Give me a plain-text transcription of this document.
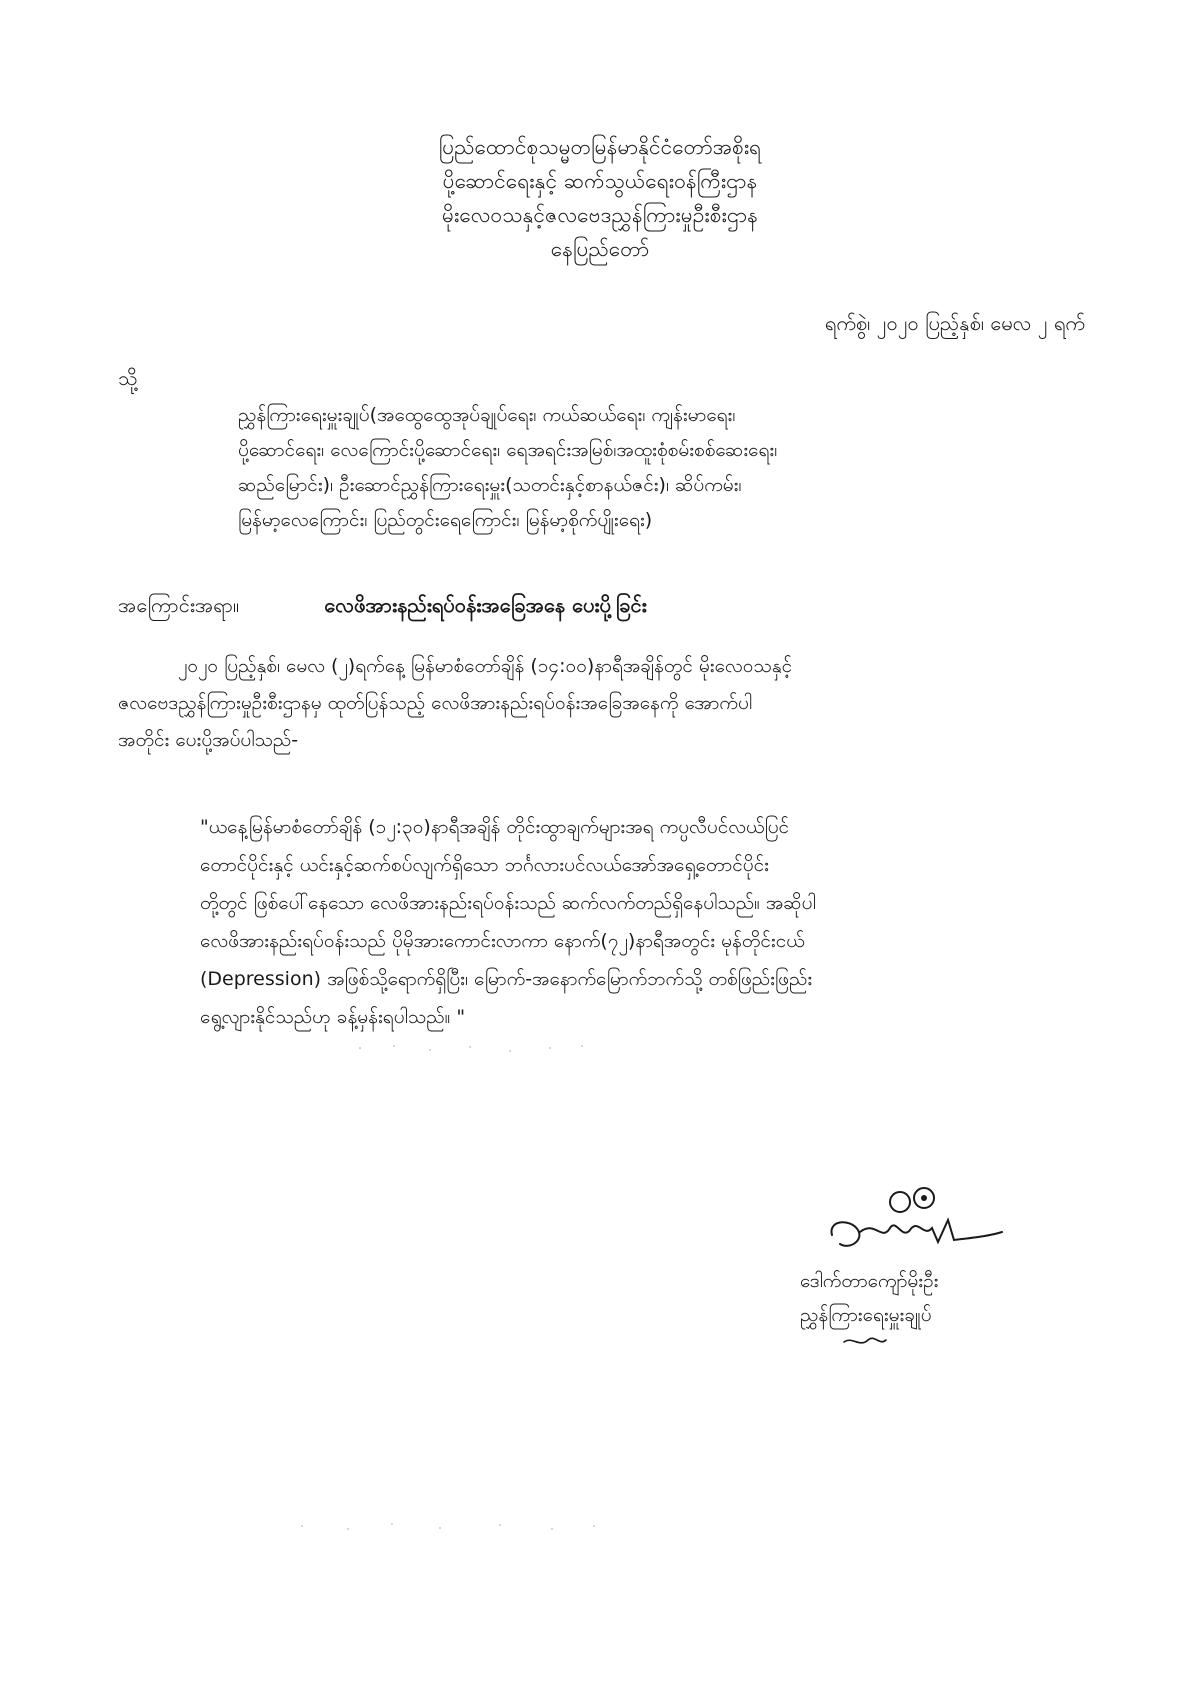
ပြည်ထောင်စုသမ္မတမြန်မာနိုင်ငံတော်အစိုးရ
ပို့ဆောင်ရေးနှင့် ဆက်သွယ်ရေးဝန်ကြီးဌာန
မိုးလေဝသနှင့်ဇလဗေဒညွှန်ကြားမှုဦးစီးဌာန
နေပြည်တော်
ရက်စွဲ၊ ၂၀၂၀ ပြည့်နှစ်၊ မေလ ၂ ရက်
သို့
ညွှန်ကြားရေးမှူးချုပ်(အထွေထွေအုပ်ချုပ်ရေး၊ ကယ်ဆယ်ရေး၊ ကျန်းမာရေး၊
ပို့ဆောင်ရေး၊ လေကြောင်းပို့ဆောင်ရေး၊ ရေအရင်းအမြစ်၊အထူးစုံစမ်းစစ်ဆေးရေး၊
ဆည်မြောင်း)၊ ဦးဆောင်ညွှန်ကြားရေးမှူး(သတင်းနှင့်စာနယ်ဇင်း)၊ ဆိပ်ကမ်း၊
မြန်မာ့လေကြောင်း၊ ပြည်တွင်းရေကြောင်း၊ မြန်မာ့စိုက်ပျိုးရေး)
အကြောင်းအရာ။	လေဖိအားနည်းရပ်ဝန်းအခြေအနေ ပေးပို့ခြင်း
၂၀၂၀ ပြည့်နှစ်၊ မေလ (၂)ရက်နေ့ မြန်မာစံတော်ချိန် (၁၄:၀၀)နာရီအချိန်တွင် မိုးလေဝသနှင့်
ဇလဗေဒညွှန်ကြားမှုဦးစီးဌာနမှ ထုတ်ပြန်သည့် လေဖိအားနည်းရပ်ဝန်းအခြေအနေကို အောက်ပါ
အတိုင်း ပေးပို့အပ်ပါသည်-
"ယနေ့မြန်မာစံတော်ချိန် (၁၂:၃၀)နာရီအချိန် တိုင်းထွာချက်များအရ ကပ္ပလီပင်လယ်ပြင်
တောင်ပိုင်းနှင့် ယင်းနှင့်ဆက်စပ်လျက်ရှိသော ဘင်္ဂလားပင်လယ်အော်အရှေ့တောင်ပိုင်း
တို့တွင် ဖြစ်ပေါ်နေသော လေဖိအားနည်းရပ်ဝန်းသည် ဆက်လက်တည်ရှိနေပါသည်။ အဆိုပါ
လေဖိအားနည်းရပ်ဝန်းသည် ပိုမိုအားကောင်းလာကာ နောက်(၇၂)နာရီအတွင်း မုန်တိုင်းငယ်
(Depression) အဖြစ်သို့ရောက်ရှိပြီး၊ မြောက်-အနောက်မြောက်ဘက်သို့ တစ်ဖြည်းဖြည်း
ရွေ့လျားနိုင်သည်ဟု ခန့်မှန်းရပါသည်။ "
ဒေါက်တာကျော်မိုးဦး
ညွှန်ကြားရေးမှူးချုပ်
